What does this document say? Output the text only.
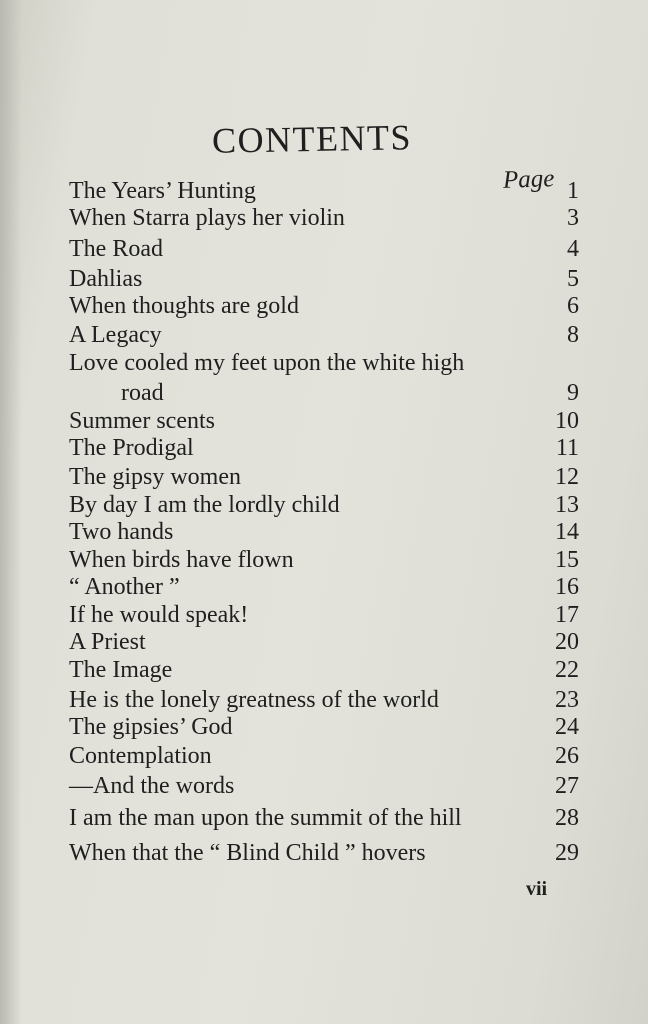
CONTENTS
Page
The Years’ Hunting	1
When Starra plays her violin	3
The Road	4
Dahlias	5
When thoughts are gold	6
A Legacy	8
Love cooled my feet upon the white high
road	9
Summer scents	10
The Prodigal	11
The gipsy women	12
By day I am the lordly child	13
Two hands	14
When birds have flown	15
“ Another ”	16
If he would speak!	17
A Priest	20
The Image	22
He is the lonely greatness of the world	23
The gipsies’ God	24
Contemplation	26
—And the words	27
I am the man upon the summit of the hill	28
When that the “ Blind Child ” hovers	29
vii
